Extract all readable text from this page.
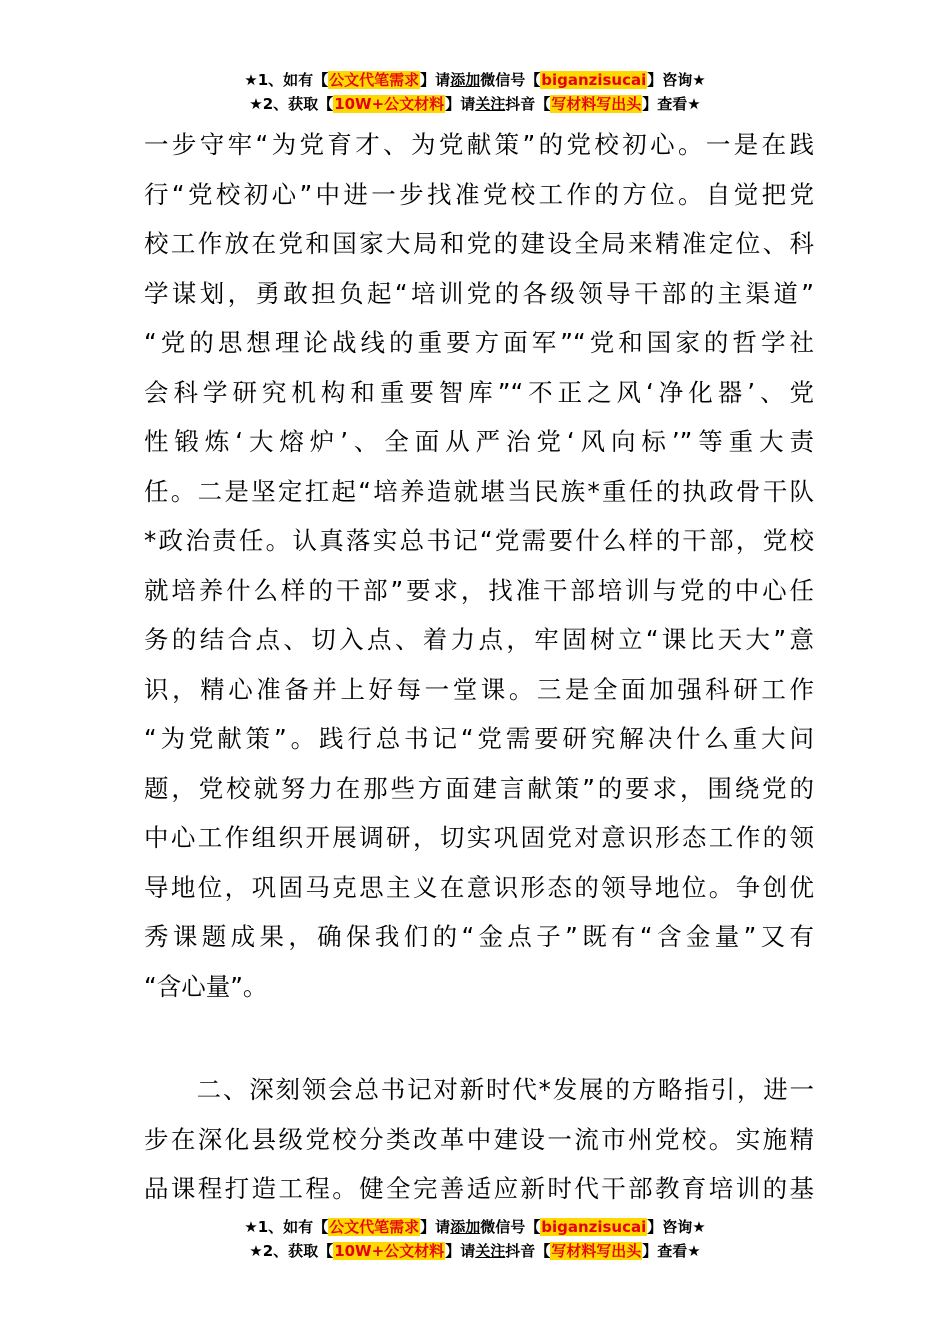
★1、如有【公文代笔需求】请添加微信号【biganzisucai】咨询★
★2、获取【10W+公文材料】请关注抖音【写材料写出头】查看★
一步守牢“为党育才、为党献策”的党校初心。一是在践
行“党校初心”中进一步找准党校工作的方位。自觉把党
校工作放在党和国家大局和党的建设全局来精准定位、科
学谋划，勇敢担负起“培训党的各级领导干部的主渠道”
“党的思想理论战线的重要方面军”“党和国家的哲学社
会科学研究机构和重要智库”“不正之风‘净化器’、党
性锻炼‘大熔炉’、全面从严治党‘风向标’”等重大责
任。二是坚定扛起“培养造就堪当民族*重任的执政骨干队
*政治责任。认真落实总书记“党需要什么样的干部，党校
就培养什么样的干部”要求，找准干部培训与党的中心任
务的结合点、切入点、着力点，牢固树立“课比天大”意
识，精心准备并上好每一堂课。三是全面加强科研工作
“为党献策”。践行总书记“党需要研究解决什么重大问
题，党校就努力在那些方面建言献策”的要求，围绕党的
中心工作组织开展调研，切实巩固党对意识形态工作的领
导地位，巩固马克思主义在意识形态的领导地位。争创优
秀课题成果，确保我们的“金点子”既有“含金量”又有
“含心量”。
　　二、深刻领会总书记对新时代*发展的方略指引，进一
步在深化县级党校分类改革中建设一流市州党校。实施精
品课程打造工程。健全完善适应新时代干部教育培训的基
★1、如有【公文代笔需求】请添加微信号【biganzisucai】咨询★
★2、获取【10W+公文材料】请关注抖音【写材料写出头】查看★
